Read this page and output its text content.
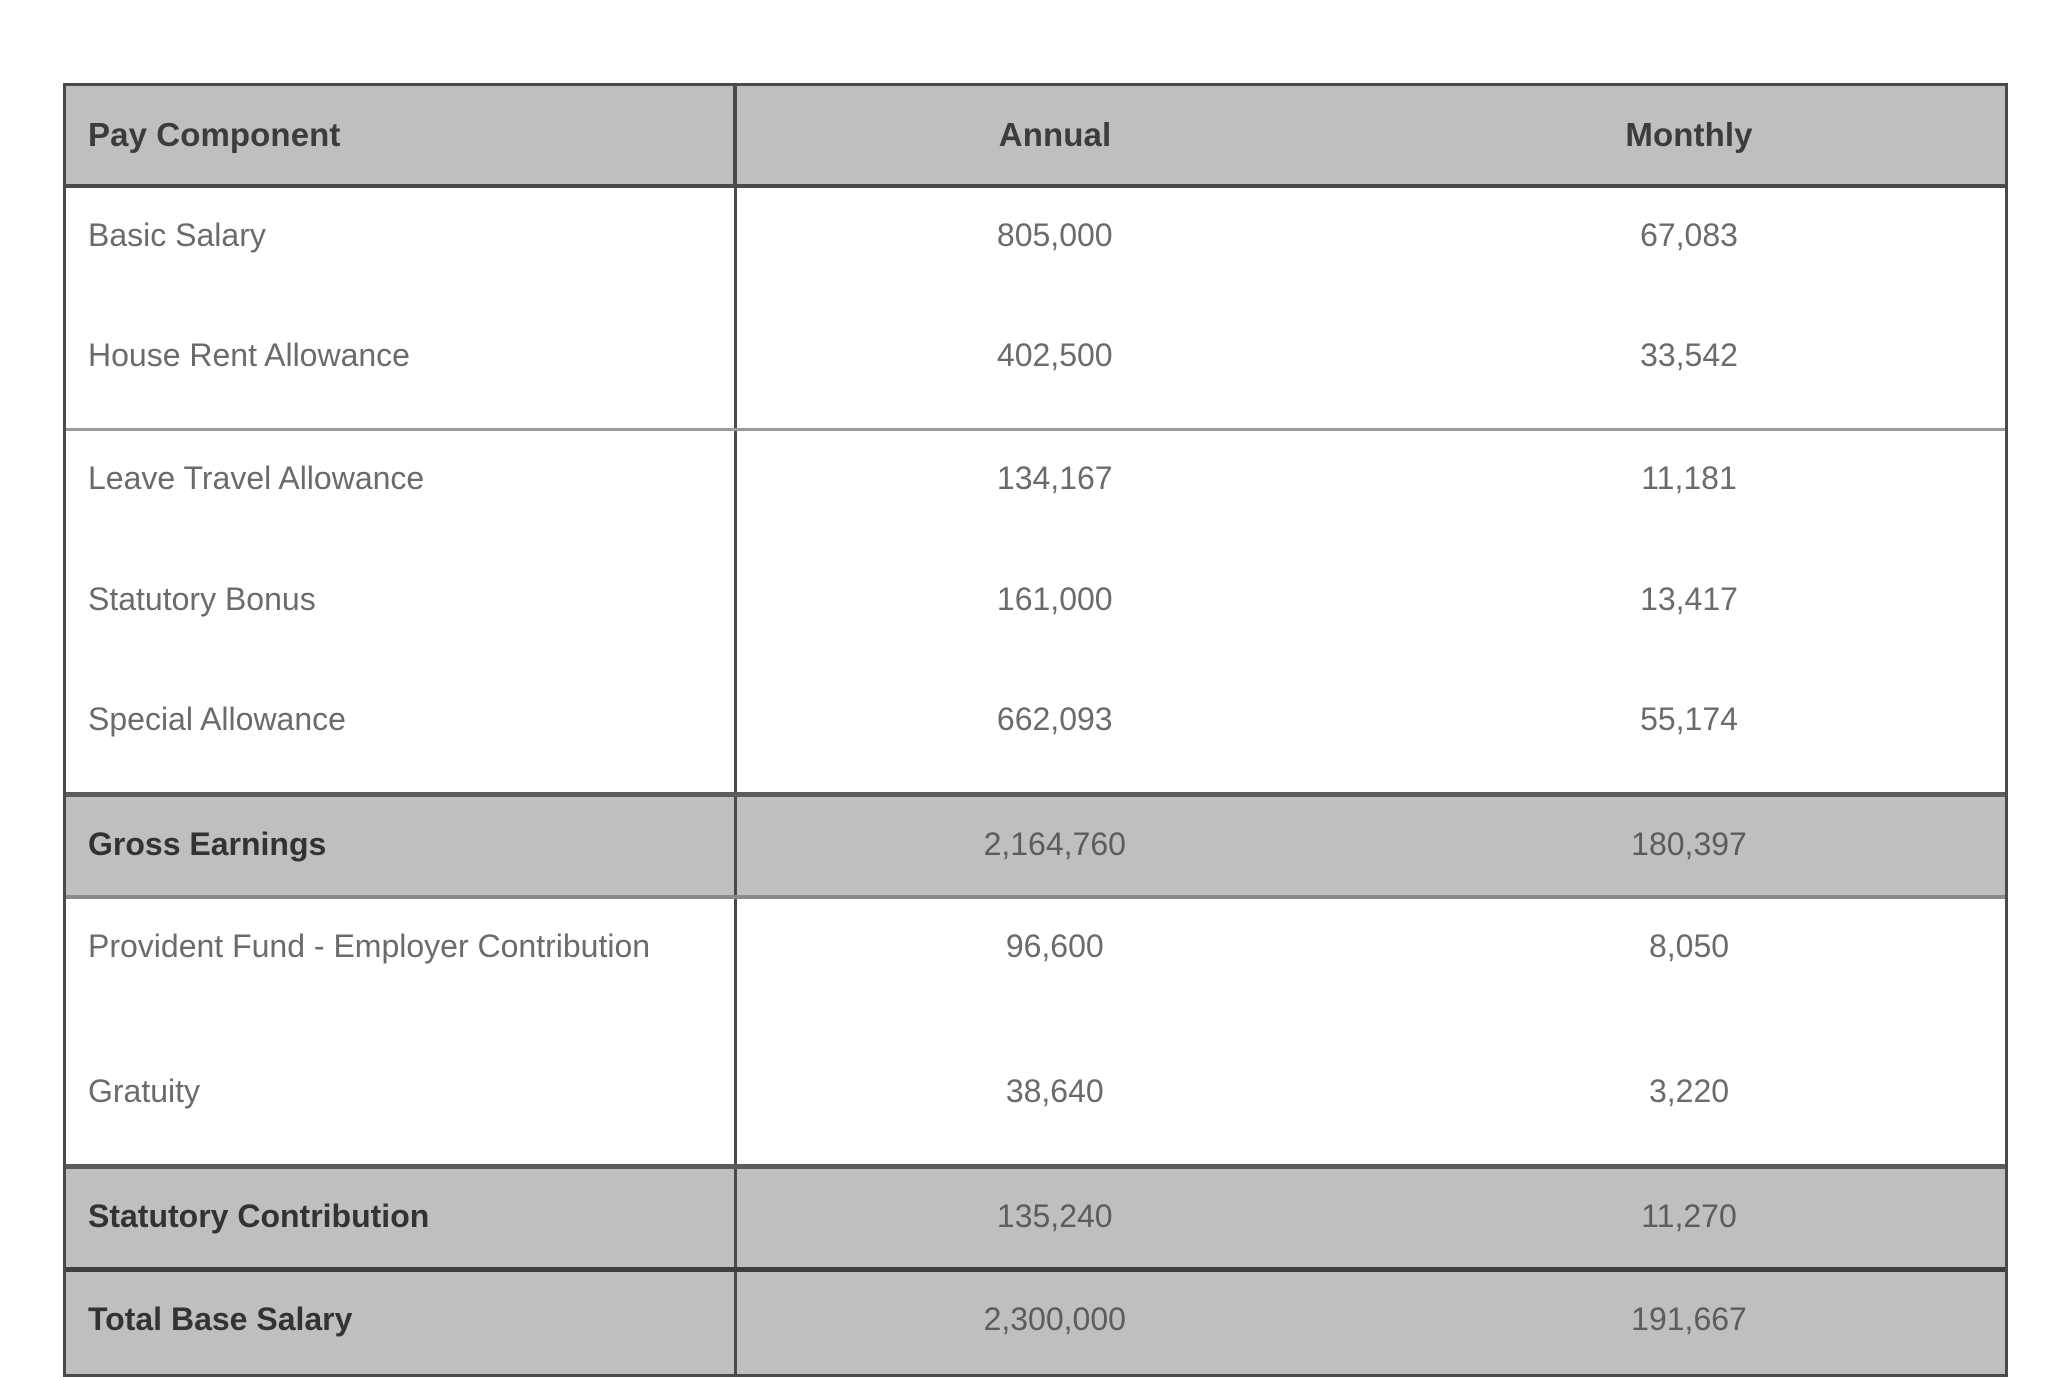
Pay Component	Annual	Monthly
Basic Salary	805,000	67,083
House Rent Allowance	402,500	33,542
Leave Travel Allowance	134,167	11,181
Statutory Bonus	161,000	13,417
Special Allowance	662,093	55,174
Gross Earnings	2,164,760	180,397
Provident Fund - Employer Contribution	96,600	8,050
Gratuity	38,640	3,220
Statutory Contribution	135,240	11,270
Total Base Salary	2,300,000	191,667
